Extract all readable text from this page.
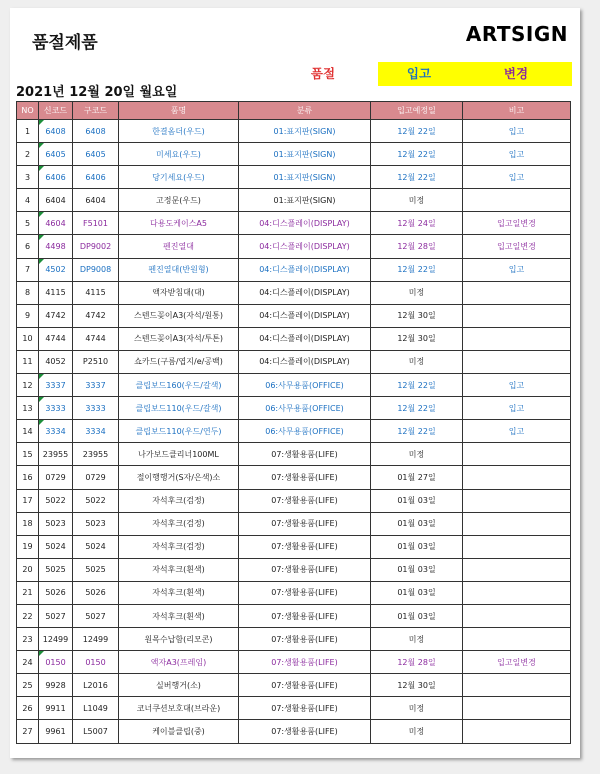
품절제품	ARTSIGN
품절	입고	변경
2021년 12월 20일 월요일
NO	신코드	구코드	품명	분류	입고예정일	비고
1	6408	6408	한결옴더(우드)	01:표지판(SIGN)	12월 22일	입고
2	6405	6405	미세요(우드)	01:표지판(SIGN)	12월 22일	입고
3	6406	6406	당기세요(우드)	01:표지판(SIGN)	12월 22일	입고
4	6404	6404	고정문(우드)	01:표지판(SIGN)	미정	
5	4604	F5101	다용도케이스A5	04:디스플레이(DISPLAY)	12월 24일	입고일변경
6	4498	DP9002	펜진열대	04:디스플레이(DISPLAY)	12월 28일	입고일변경
7	4502	DP9008	펜진열대(반원형)	04:디스플레이(DISPLAY)	12월 22일	입고
8	4115	4115	액자받침대(대)	04:디스플레이(DISPLAY)	미정	
9	4742	4742	스텐드꽂이A3(자석/원통)	04:디스플레이(DISPLAY)	12월 30일	
10	4744	4744	스텐드꽂이A3(자석/투톤)	04:디스플레이(DISPLAY)	12월 30일	
11	4052	P2510	쇼카드(구름/엽지/e/공백)	04:디스플레이(DISPLAY)	미정	
12	3337	3337	클립보드160(우드/갈색)	06:사무용품(OFFICE)	12월 22일	입고
13	3333	3333	클립보드110(우드/갈색)	06:사무용품(OFFICE)	12월 22일	입고
14	3334	3334	클립보드110(우드/연두)	06:사무용품(OFFICE)	12월 22일	입고
15	23955	23955	나가보드클리너100ML	07:생활용품(LIFE)	미정	
16	0729	0729	절이행행거(S자/은색)소	07:생활용품(LIFE)	01월 27일	
17	5022	5022	자석후크(검정)	07:생활용품(LIFE)	01월 03일	
18	5023	5023	자석후크(검정)	07:생활용품(LIFE)	01월 03일	
19	5024	5024	자석후크(검정)	07:생활용품(LIFE)	01월 03일	
20	5025	5025	자석후크(흰색)	07:생활용품(LIFE)	01월 03일	
21	5026	5026	자석후크(흰색)	07:생활용품(LIFE)	01월 03일	
22	5027	5027	자석후크(흰색)	07:생활용품(LIFE)	01월 03일	
23	12499	12499	원목수납함(리모콘)	07:생활용품(LIFE)	미정	
24	0150	0150	액자A3(프레임)	07:생활용품(LIFE)	12월 28일	입고일변경
25	9928	L2016	실버행거(소)	07:생활용품(LIFE)	12월 30일	
26	9911	L1049	코너쿠션보호대(브라운)	07:생활용품(LIFE)	미정	
27	9961	L5007	케이블클립(중)	07:생활용품(LIFE)	미정	
